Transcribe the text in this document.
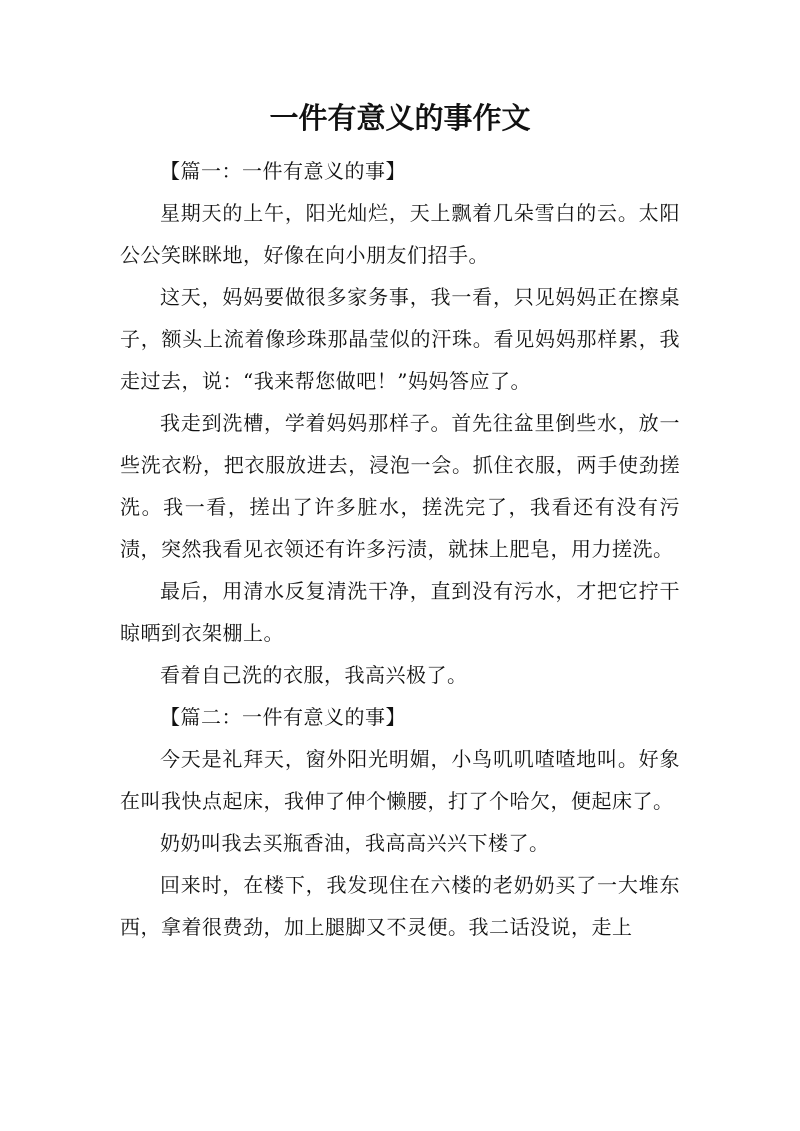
一件有意义的事作文

【篇一：一件有意义的事】

星期天的上午，阳光灿烂，天上飘着几朵雪白的云。太阳公公笑眯眯地，好像在向小朋友们招手。

这天，妈妈要做很多家务事，我一看，只见妈妈正在擦桌子，额头上流着像珍珠那晶莹似的汗珠。看见妈妈那样累，我走过去，说：“我来帮您做吧！”妈妈答应了。

我走到洗槽，学着妈妈那样子。首先往盆里倒些水，放一些洗衣粉，把衣服放进去，浸泡一会。抓住衣服，两手使劲搓洗。我一看，搓出了许多脏水，搓洗完了，我看还有没有污渍，突然我看见衣领还有许多污渍，就抹上肥皂，用力搓洗。

最后，用清水反复清洗干净，直到没有污水，才把它拧干晾晒到衣架棚上。

看着自己洗的衣服，我高兴极了。

【篇二：一件有意义的事】

今天是礼拜天，窗外阳光明媚，小鸟叽叽喳喳地叫。好象在叫我快点起床，我伸了伸个懒腰，打了个哈欠，便起床了。

奶奶叫我去买瓶香油，我高高兴兴下楼了。

回来时，在楼下，我发现住在六楼的老奶奶买了一大堆东西，拿着很费劲，加上腿脚又不灵便。我二话没说，走上
